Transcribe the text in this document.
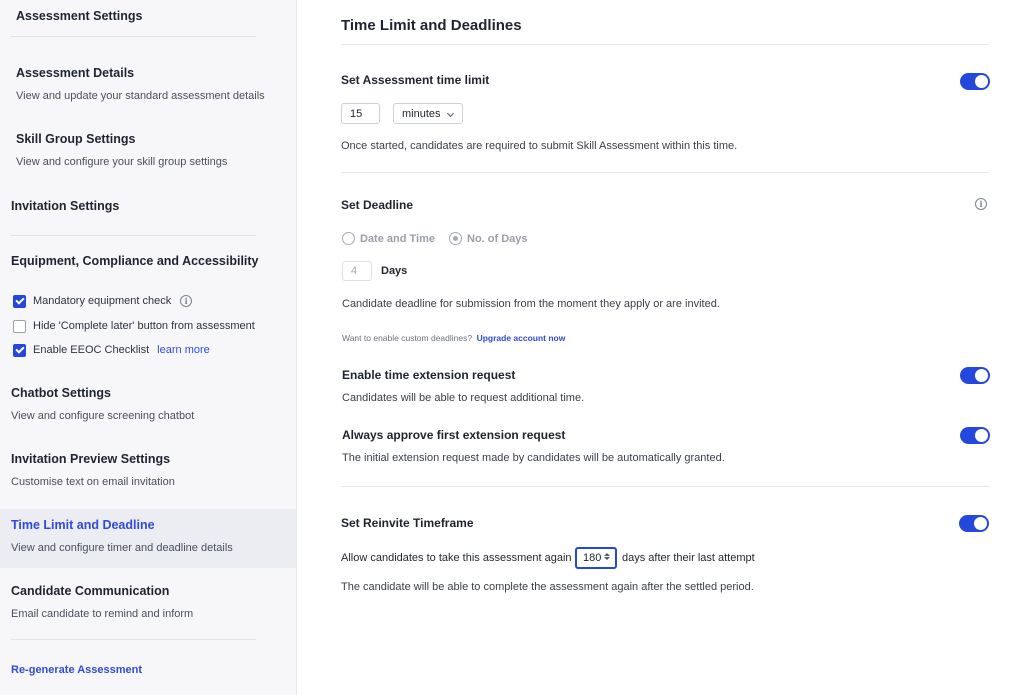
Assessment Settings
Assessment Details
View and update your standard assessment details
Skill Group Settings
View and configure your skill group settings
Invitation Settings
Equipment, Compliance and Accessibility
Mandatory equipment check	i
Hide 'Complete later' button from assessment
Enable EEOC Checklist learn more
Chatbot Settings
View and configure screening chatbot
Invitation Preview Settings
Customise text on email invitation
Time Limit and Deadline
View and configure timer and deadline details
Candidate Communication
Email candidate to remind and inform
Re-generate Assessment
Time Limit and Deadlines
Set Assessment time limit
15	minutes
Once started, candidates are required to submit Skill Assessment within this time.
Set Deadline	i
Date and Time	No. of Days
4	Days
Candidate deadline for submission from the moment they apply or are invited.
Want to enable custom deadlines? Upgrade account now
Enable time extension request
Candidates will be able to request additional time.
Always approve first extension request
The initial extension request made by candidates will be automatically granted.
Set Reinvite Timeframe
Allow candidates to take this assessment again 180 days after their last attempt
The candidate will be able to complete the assessment again after the settled period.
